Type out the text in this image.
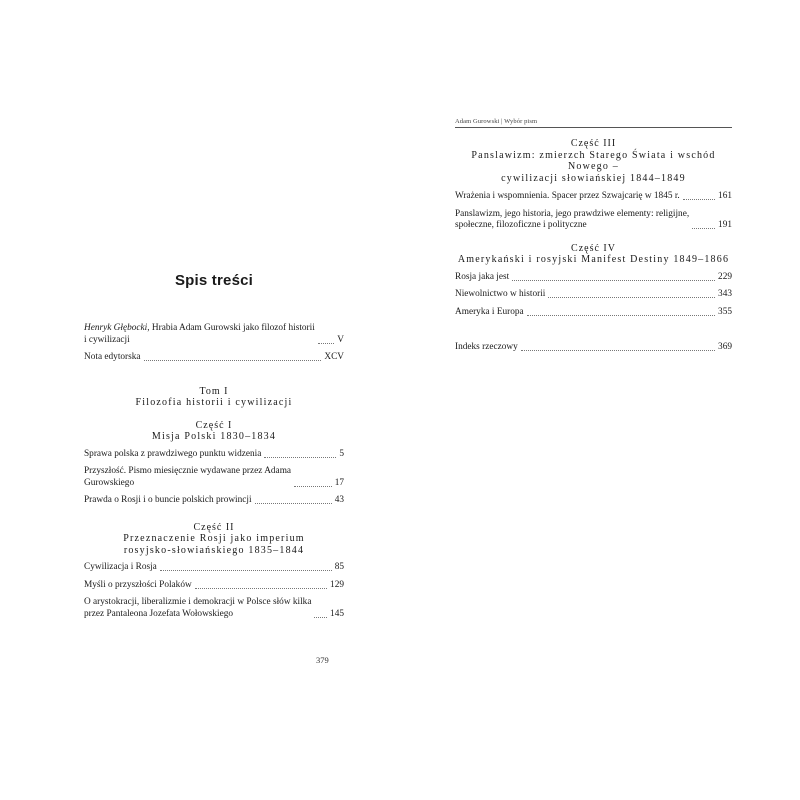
Spis treści
Henryk Głębocki, Hrabia Adam Gurowski jako filozof historii
i cywilizacji	V
Nota edytorska	XCV
Tom I
Filozofia historii i cywilizacji
Część I
Misja Polski 1830–1834
Sprawa polska z prawdziwego punktu widzenia	5
Przyszłość. Pismo miesięcznie wydawane przez Adama
Gurowskiego	17
Prawda o Rosji i o buncie polskich prowincji	43
Część II
Przeznaczenie Rosji jako imperium
rosyjsko-słowiańskiego 1835–1844
Cywilizacja i Rosja	85
Myśli o przyszłości Polaków	129
O arystokracji, liberalizmie i demokracji w Polsce słów kilka
przez Pantaleona Jozefata Wołowskiego	145
379
Adam Gurowski | Wybór pism
Część III
Panslawizm: zmierzch Starego Świata i wschód Nowego –
cywilizacji słowiańskiej 1844–1849
Wrażenia i wspomnienia. Spacer przez Szwajcarię w 1845 r.	161
Panslawizm, jego historia, jego prawdziwe elementy: religijne,
społeczne, filozoficzne i polityczne	191
Część IV
Amerykański i rosyjski Manifest Destiny 1849–1866
Rosja jaka jest	229
Niewolnictwo w historii	343
Ameryka i Europa	355
Indeks rzeczowy	369
